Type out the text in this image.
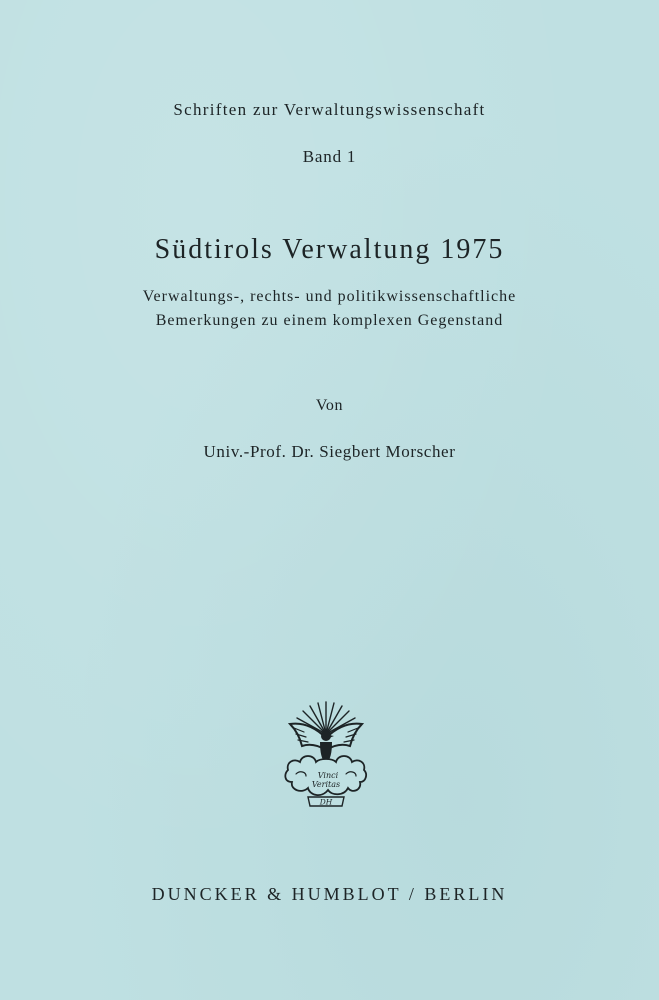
Schriften zur Verwaltungswissenschaft
Band 1
Südtirols Verwaltung 1975
Verwaltungs-, rechts- und politikwissenschaftliche
Bemerkungen zu einem komplexen Gegenstand
Von
Univ.-Prof. Dr. Siegbert Morscher
Vinci
Veritas
DH
DUNCKER & HUMBLOT / BERLIN
